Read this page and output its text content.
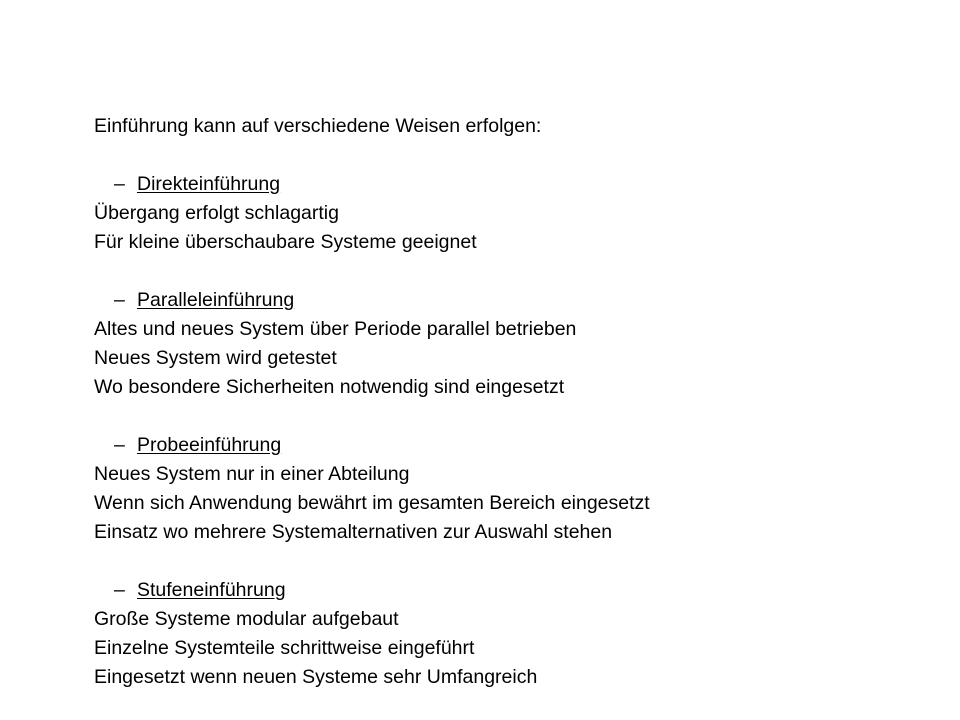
Einführung kann auf verschiedene Weisen erfolgen:
– Direkteinführung
Übergang erfolgt schlagartig
Für kleine überschaubare Systeme geeignet
– Paralleleinführung
Altes und neues System über Periode parallel betrieben
Neues System wird getestet
Wo besondere Sicherheiten notwendig sind eingesetzt
– Probeeinführung
Neues System nur in einer Abteilung
Wenn sich Anwendung bewährt im gesamten Bereich eingesetzt
Einsatz wo mehrere Systemalternativen zur Auswahl stehen
– Stufeneinführung
Große Systeme modular aufgebaut
Einzelne Systemteile schrittweise eingeführt
Eingesetzt wenn neuen Systeme sehr Umfangreich
